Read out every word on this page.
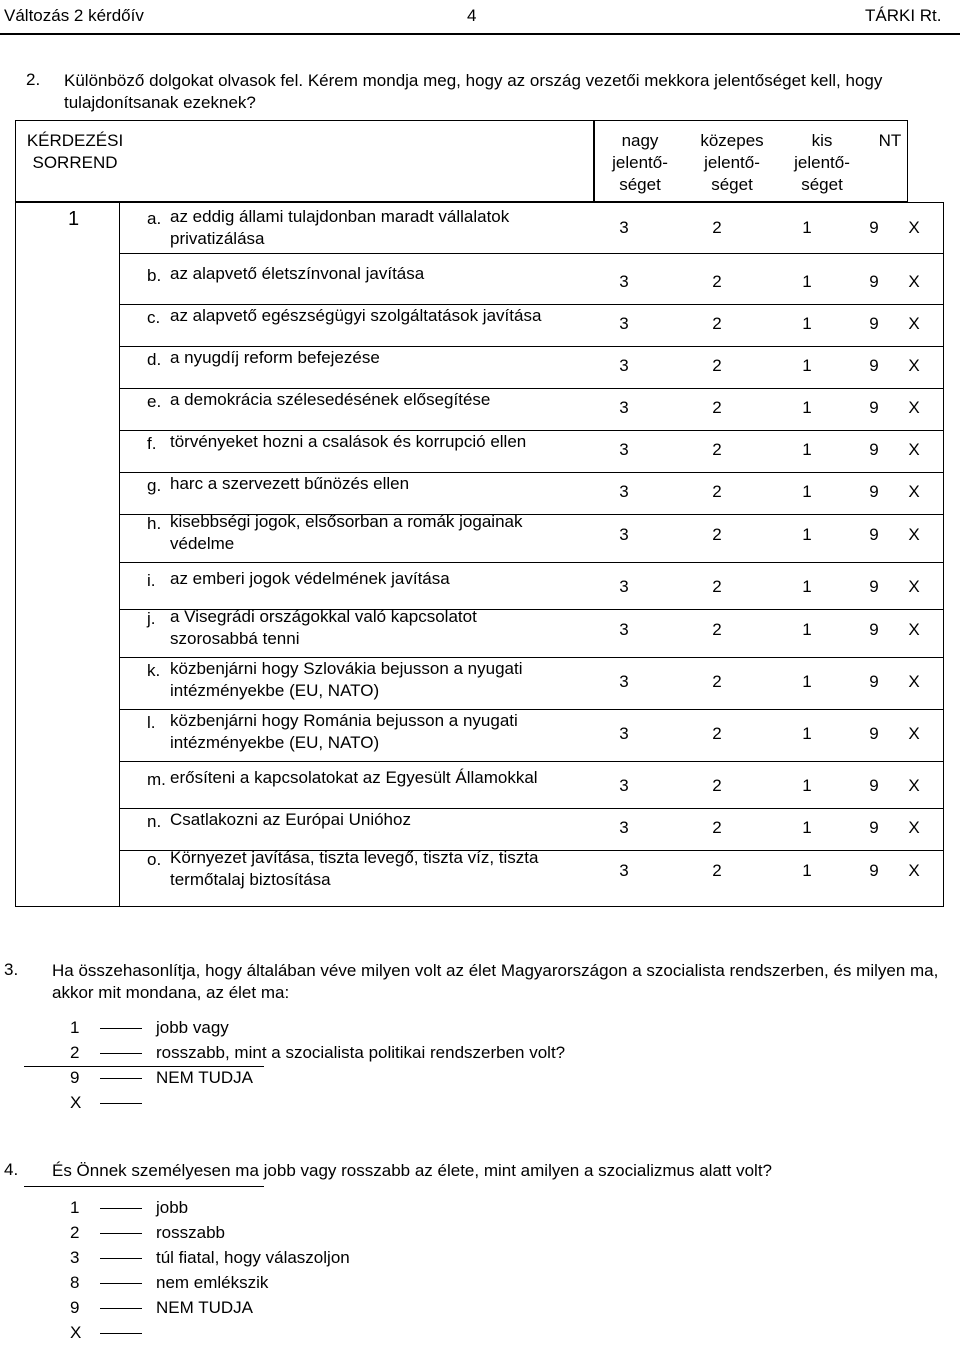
Változás 2 kérdőív	4	TÁRKI Rt.
2. Különböző dolgokat olvasok fel. Kérem mondja meg, hogy az ország vezetői mekkora jelentőséget kell, hogy tulajdonítsanak ezeknek?
KÉRDEZÉSI
SORREND
nagy
jelentő-
séget
közepes
jelentő-
séget
kis
jelentő-
séget
NT
1	a. az eddig állami tulajdonban maradt vállalatok
privatizálása
3	2	1	9	X
b. az alapvető életszínvonal javítása	3	2	1	9	X
c. az alapvető egészségügyi szolgáltatások javítása	3	2	1	9	X
d. a nyugdíj reform befejezése	3	2	1	9	X
e. a demokrácia szélesedésének elősegítése	3	2	1	9	X
f. törvényeket hozni a csalások és korrupció ellen	3	2	1	9	X
g. harc a szervezett bűnözés ellen	3	2	1	9	X
h. kisebbségi jogok, elsősorban a romák jogainak
védelme	3	2	1	9	X
i. az emberi jogok védelmének javítása	3	2	1	9	X
j. a Visegrádi országokkal való kapcsolatot
szorosabbá tenni	3	2	1	9	X
k. közbenjárni hogy Szlovákia bejusson a nyugati
intézményekbe (EU, NATO)	3	2	1	9	X
l. közbenjárni hogy Románia bejusson a nyugati
intézményekbe (EU, NATO)	3	2	1	9	X
m. erősíteni a kapcsolatokat az Egyesült Államokkal	3	2	1	9	X
n. Csatlakozni az Európai Unióhoz	3	2	1	9	X
o. Környezet javítása, tiszta levegő, tiszta víz, tiszta
termőtalaj biztosítása	3	2	1	9	X
3. Ha összehasonlítja, hogy általában véve milyen volt az élet Magyarországon a szocialista rendszerben, és milyen ma, akkor mit mondana, az élet ma:
1	jobb vagy
2	rosszabb, mint a szocialista politikai rendszerben volt?
9	NEM TUDJA
X
4. És Önnek személyesen ma jobb vagy rosszabb az élete, mint amilyen a szocializmus alatt volt?
1	jobb
2	rosszabb
3	túl fiatal, hogy válaszoljon
8	nem emlékszik
9	NEM TUDJA
X
